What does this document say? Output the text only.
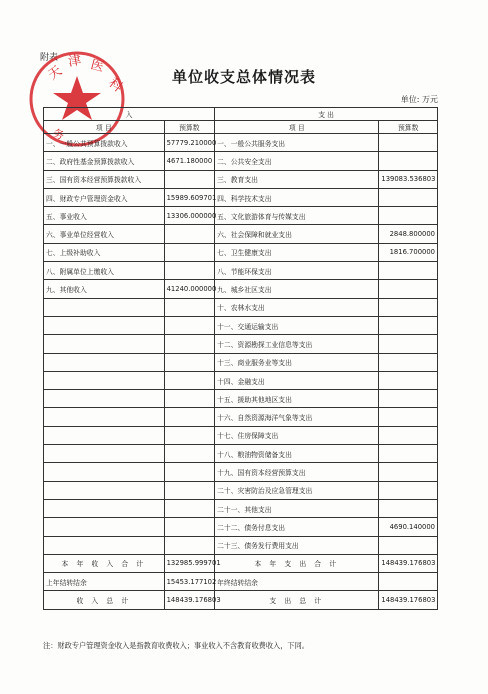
附表
天
津 医
科
务
单位收支总体情况表
单位: 万元
入		支 出	
项 目	预算数	项 目	预算数
一、一般公共预算拨款收入	57779.210000	一、一般公共服务支出	
二、政府性基金预算拨款收入	4671.180000	二、公共安全支出	
三、国有资本经营预算拨款收入		三、教育支出	139083.536803
四、财政专户管理资金收入	15989.609701	四、科学技术支出	
五、事业收入	13306.000000	五、文化旅游体育与传媒支出	
六、事业单位经营收入		六、社会保障和就业支出	2848.800000
七、上级补助收入		七、卫生健康支出	1816.700000
八、附属单位上缴收入		八、节能环保支出	
九、其他收入	41240.000000	九、城乡社区支出	
		十、农林水支出	
		十一、交通运输支出	
		十二、资源勘探工业信息等支出	
		十三、商业服务业等支出	
		十四、金融支出	
		十五、援助其他地区支出	
		十六、自然资源海洋气象等支出	
		十七、住房保障支出	
		十八、粮油物资储备支出	
		十九、国有资本经营预算支出	
		二十、灾害防治及应急管理支出	
		二十一、其他支出	
		二十二、债务付息支出	4690.140000
		二十三、债务发行费用支出	
本 年 收 入 合 计	132985.999701	本 年 支 出 合 计	148439.176803
上年结转结余	15453.177102	年终结转结余	
收 入 总 计	148439.176803	支 出 总 计	148439.176803
注：财政专户管理资金收入是指教育收费收入；事业收入不含教育收费收入，下同。
